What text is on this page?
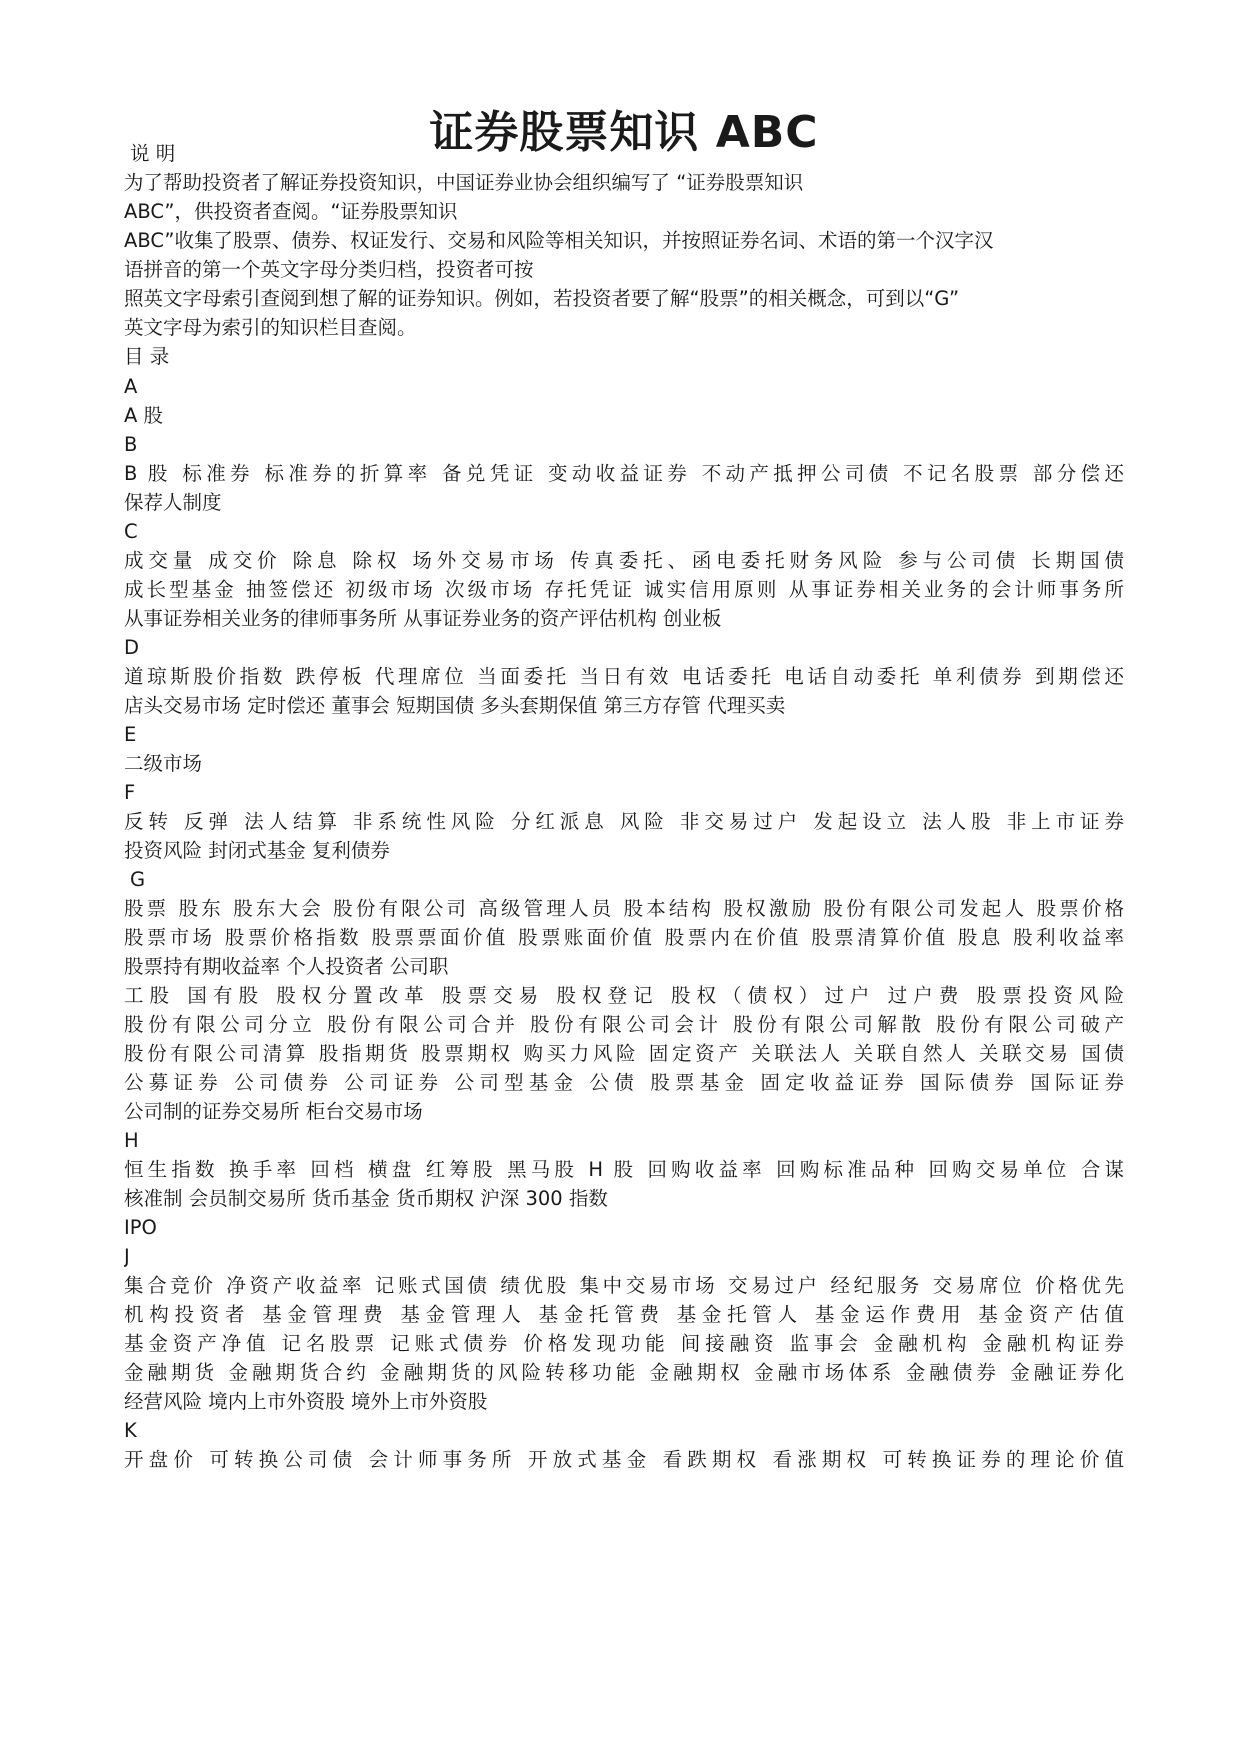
证券股票知识 ABC
说 明
为了帮助投资者了解证券投资知识，中国证券业协会组织编写了 “证券股票知识
ABC”，供投资者查阅。“证券股票知识
ABC”收集了股票、债券、权证发行、交易和风险等相关知识，并按照证券名词、术语的第一个汉字汉
语拼音的第一个英文字母分类归档，投资者可按
照英文字母索引查阅到想了解的证券知识。例如，若投资者要了解“股票”的相关概念，可到以“G”
英文字母为索引的知识栏目查阅。
目 录
A
A 股
B
B 股 标准券 标准券的折算率 备兑凭证 变动收益证券 不动产抵押公司债 不记名股票 部分偿还
保荐人制度
C
成交量 成交价 除息 除权 场外交易市场 传真委托、函电委托财务风险 参与公司债 长期国债
成长型基金 抽签偿还 初级市场 次级市场 存托凭证 诚实信用原则 从事证券相关业务的会计师事务所
从事证券相关业务的律师事务所 从事证券业务的资产评估机构 创业板
D
道琼斯股价指数 跌停板 代理席位 当面委托 当日有效 电话委托 电话自动委托 单利债券 到期偿还
店头交易市场 定时偿还 董事会 短期国债 多头套期保值 第三方存管 代理买卖
E
二级市场
F
反转 反弹 法人结算 非系统性风险 分红派息 风险 非交易过户 发起设立 法人股 非上市证券
投资风险 封闭式基金 复利债券
G
股票 股东 股东大会 股份有限公司 高级管理人员 股本结构 股权激励 股份有限公司发起人 股票价格
股票市场 股票价格指数 股票票面价值 股票账面价值 股票内在价值 股票清算价值 股息 股利收益率
股票持有期收益率 个人投资者 公司职
工股 国有股 股权分置改革 股票交易 股权登记 股权（债权）过户 过户费 股票投资风险
股份有限公司分立 股份有限公司合并 股份有限公司会计 股份有限公司解散 股份有限公司破产
股份有限公司清算 股指期货 股票期权 购买力风险 固定资产 关联法人 关联自然人 关联交易 国债
公募证券 公司债券 公司证券 公司型基金 公债 股票基金 固定收益证券 国际债券 国际证券
公司制的证券交易所 柜台交易市场
H
恒生指数 换手率 回档 横盘 红筹股 黑马股 H 股 回购收益率 回购标准品种 回购交易单位 合谋
核准制 会员制交易所 货币基金 货币期权 沪深 300 指数
IPO
J
集合竞价 净资产收益率 记账式国债 绩优股 集中交易市场 交易过户 经纪服务 交易席位 价格优先
机构投资者 基金管理费 基金管理人 基金托管费 基金托管人 基金运作费用 基金资产估值
基金资产净值 记名股票 记账式债券 价格发现功能 间接融资 监事会 金融机构 金融机构证券
金融期货 金融期货合约 金融期货的风险转移功能 金融期权 金融市场体系 金融债券 金融证券化
经营风险 境内上市外资股 境外上市外资股
K
开盘价 可转换公司债 会计师事务所 开放式基金 看跌期权 看涨期权 可转换证券的理论价值
